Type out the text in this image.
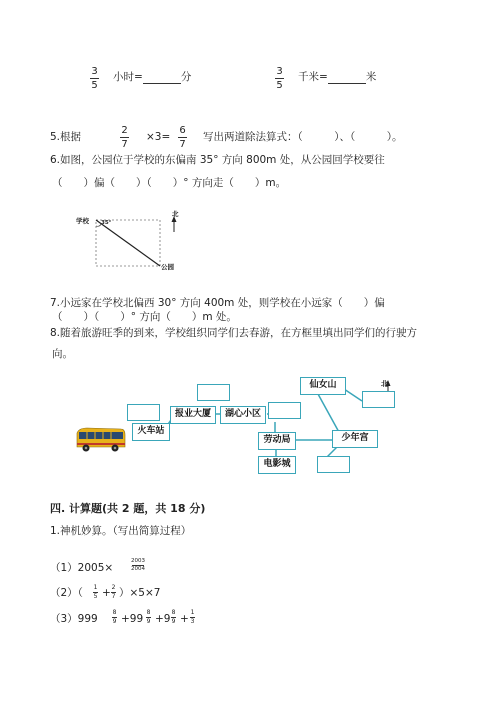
3
5
小时=	分	3
5
千米=	米
5.根据
2
7
×3=
6
7
写出两道除法算式：（　　　）、（　　　）。
6.如图，公园位于学校的东偏南 35° 方向 800m 处，从公园回学校要往
（　　）偏（　　）（　　）° 方向走（　　）m。
学校 35°
公园
北
7.小远家在学校北偏西 30° 方向 400m 处，则学校在小远家（　　）偏
（　　）（　　）° 方向（　　）m 处。
8.随着旅游旺季的到来，学校组织同学们去春游，在方框里填出同学们的行驶方
向。
北
火车站
报业大厦	湖心小区
劳动局
电影城
仙女山
少年宫
四. 计算题(共 2 题，共 18 分)
1.神机妙算。（写出简算过程）
（1）2005×
2003
2004
（2）（ 1
5 + 2
7 ）×5×7
（3）999
8
9 +99
8
9 +9
8
9 +
1
3
